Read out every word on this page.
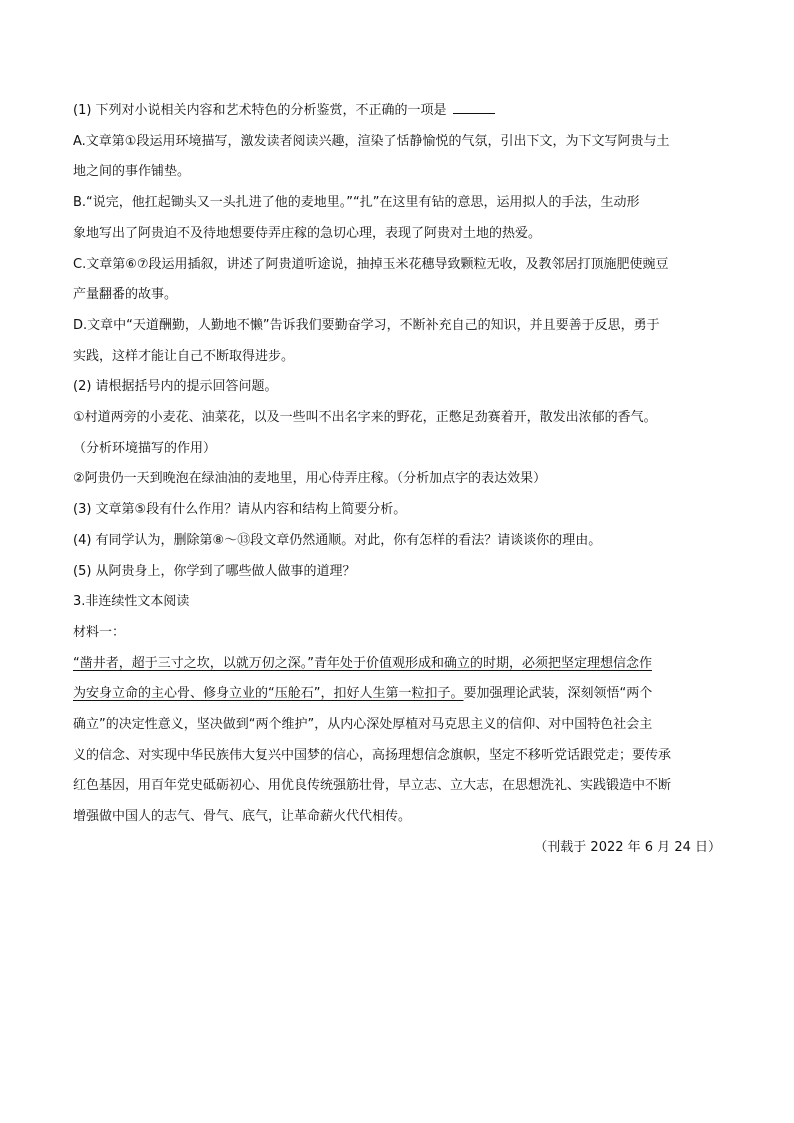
(1) 下列对小说相关内容和艺术特色的分析鉴赏，不正确的一项是
A.文章第①段运用环境描写，激发读者阅读兴趣，渲染了恬静愉悦的气氛，引出下文，为下文写阿贵与土
地之间的事作铺垫。
B.“说完，他扛起锄头又一头扎进了他的麦地里。”“扎”在这里有钻的意思，运用拟人的手法，生动形
象地写出了阿贵迫不及待地想要侍弄庄稼的急切心理，表现了阿贵对土地的热爱。
C.文章第⑥⑦段运用插叙，讲述了阿贵道听途说，抽掉玉米花穗导致颗粒无收，及教邻居打顶施肥使豌豆
产量翻番的故事。
D.文章中“天道酬勤，人勤地不懒”告诉我们要勤奋学习，不断补充自己的知识，并且要善于反思，勇于
实践，这样才能让自己不断取得进步。
(2) 请根据括号内的提示回答问题。
①村道两旁的小麦花、油菜花，以及一些叫不出名字来的野花，正憋足劲赛着开，散发出浓郁的香气。
（分析环境描写的作用）
②阿贵仍一天到晚泡在绿油油的麦地里，用心侍弄庄稼。（分析加点字的表达效果）
(3) 文章第⑤段有什么作用？请从内容和结构上简要分析。
(4) 有同学认为，删除第⑧～⑬段文章仍然通顺。对此，你有怎样的看法？请谈谈你的理由。
(5) 从阿贵身上，你学到了哪些做人做事的道理？
3.非连续性文本阅读
材料一：
“凿井者，超于三寸之坎，以就万仞之深。”青年处于价值观形成和确立的时期，必须把坚定理想信念作
为安身立命的主心骨、修身立业的“压舱石”，扣好人生第一粒扣子。要加强理论武装，深刻领悟“两个
确立”的决定性意义，坚决做到“两个维护”，从内心深处厚植对马克思主义的信仰、对中国特色社会主
义的信念、对实现中华民族伟大复兴中国梦的信心，高扬理想信念旗帜，坚定不移听党话跟党走；要传承
红色基因，用百年党史砥砺初心、用优良传统强筋壮骨，早立志、立大志，在思想洗礼、实践锻造中不断
增强做中国人的志气、骨气、底气，让革命薪火代代相传。
（刊载于 2022 年 6 月 24 日）
